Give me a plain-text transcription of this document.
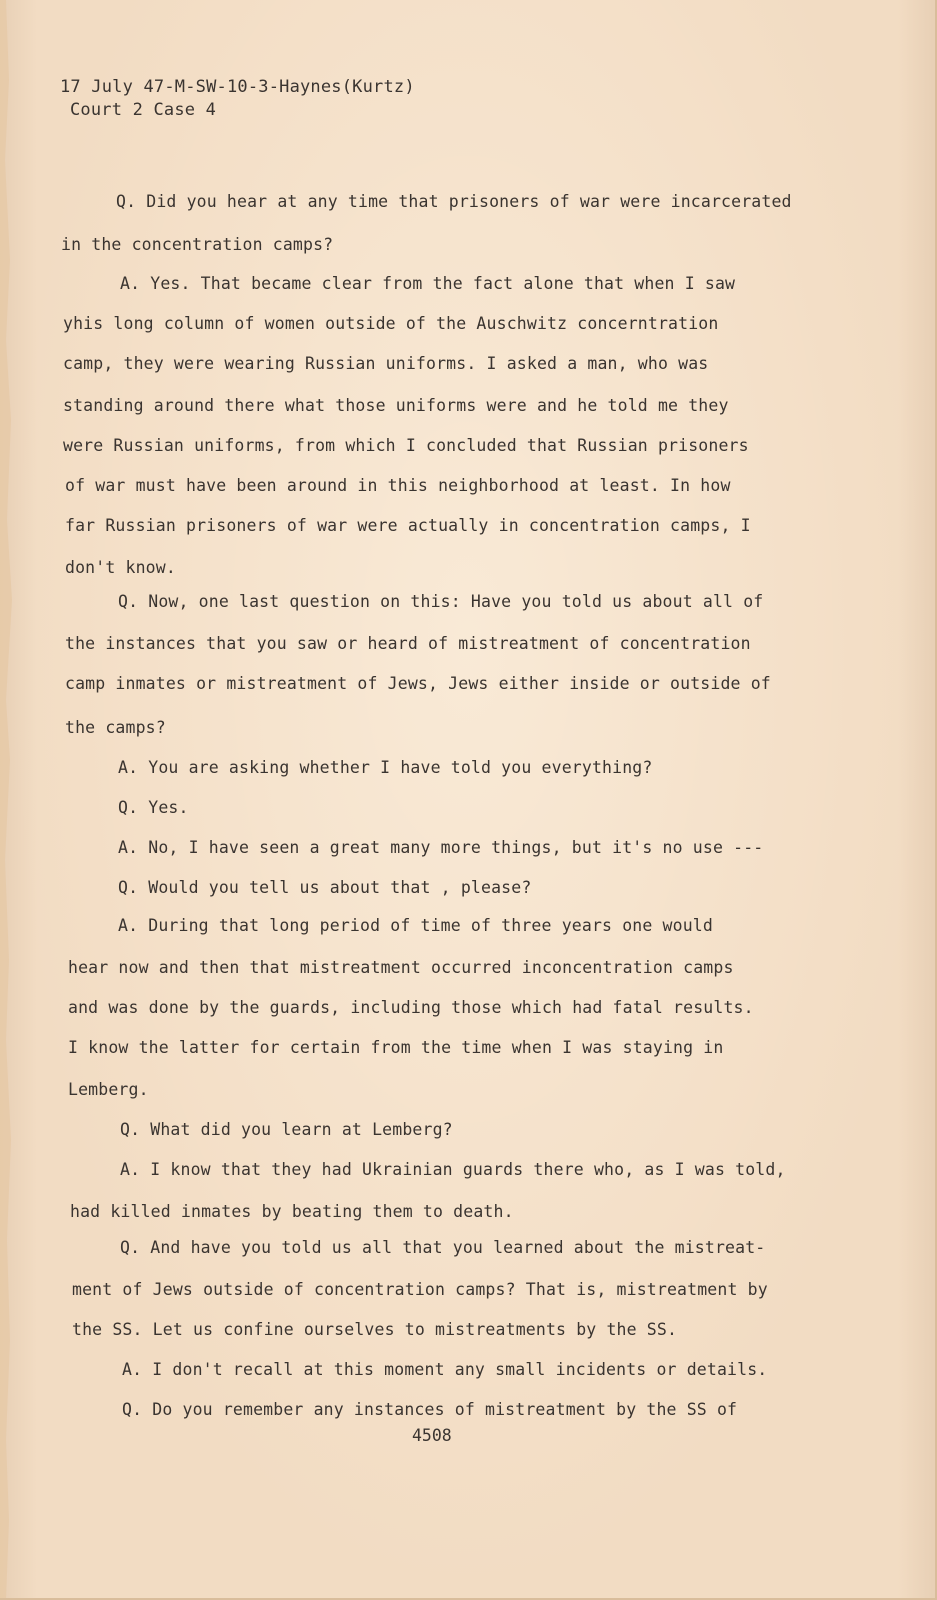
17 July 47-M-SW-10-3-Haynes(Kurtz)
Court 2 Case 4
Q. Did you hear at any time that prisoners of war were incarcerated
in the concentration camps?
A. Yes. That became clear from the fact alone that when I saw
yhis long column of women outside of the Auschwitz concerntration
camp, they were wearing Russian uniforms. I asked a man, who was
standing around there what those uniforms were and he told me they
were Russian uniforms, from which I concluded that Russian prisoners
of war must have been around in this neighborhood at least. In how
far Russian prisoners of war were actually in concentration camps, I
don't know.
Q. Now, one last question on this: Have you told us about all of
the instances that you saw or heard of mistreatment of concentration
camp inmates or mistreatment of Jews, Jews either inside or outside of
the camps?
A. You are asking whether I have told you everything?
Q. Yes.
A. No, I have seen a great many more things, but it's no use ---
Q. Would you tell us about that , please?
A. During that long period of time of three years one would
hear now and then that mistreatment occurred inconcentration camps
and was done by the guards, including those which had fatal results.
I know the latter for certain from the time when I was staying in
Lemberg.
Q. What did you learn at Lemberg?
A. I know that they had Ukrainian guards there who, as I was told,
had killed inmates by beating them to death.
Q. And have you told us all that you learned about the mistreat-
ment of Jews outside of concentration camps? That is, mistreatment by
the SS. Let us confine ourselves to mistreatments by the SS.
A. I don't recall at this moment any small incidents or details.
Q. Do you remember any instances of mistreatment by the SS of
4508
